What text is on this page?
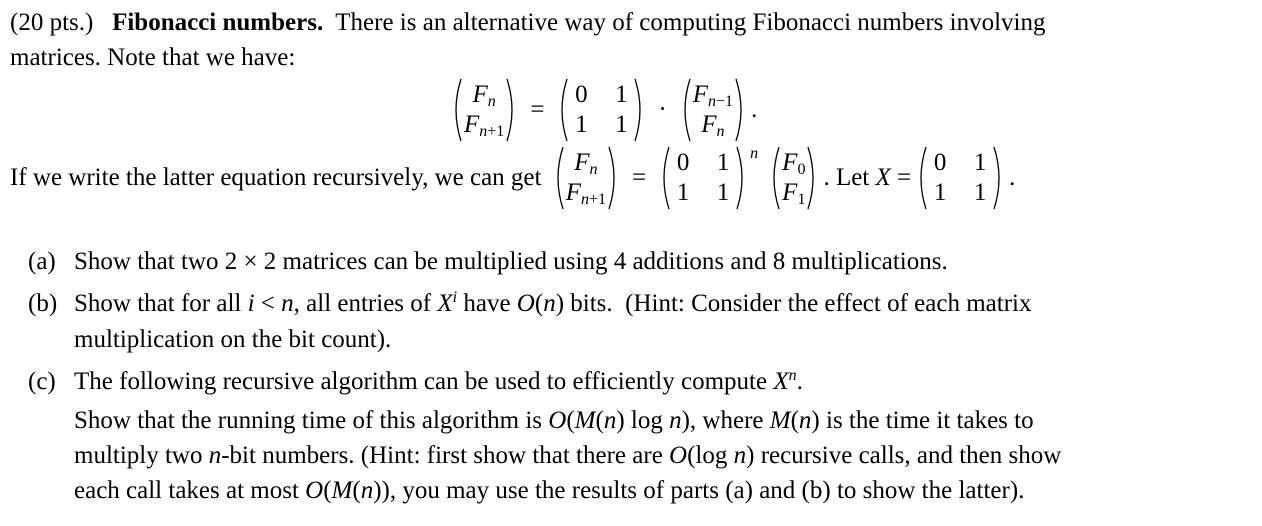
(20 pts.) Fibonacci numbers. There is an alternative way of computing Fibonacci numbers involving
matrices. Note that we have:
$F_n$
$F_{n+1}$
=
0 1
1 1
·
$F_{n-1}$
$F_n$
.
If we write the latter equation recursively, we can get

$F_n$
$F_{n+1}$
=
0 1
1 1
n $F_0$
$F_1$
. Let X =
0 1
1 1
.
(a) Show that two 2 × 2 matrices can be multiplied using 4 additions and 8 multiplications.
(b) Show that for all i < n, all entries of $X^i$ have O(n) bits.  (Hint: Consider the effect of each matrix
multiplication on the bit count).
(c) The following recursive algorithm can be used to efficiently compute $X^n$.
Show that the running time of this algorithm is O(M(n) log n), where M(n) is the time it takes to
multiply two n-bit numbers. (Hint: first show that there are O(log n) recursive calls, and then show
each call takes at most O(M(n)), you may use the results of parts (a) and (b) to show the latter).
